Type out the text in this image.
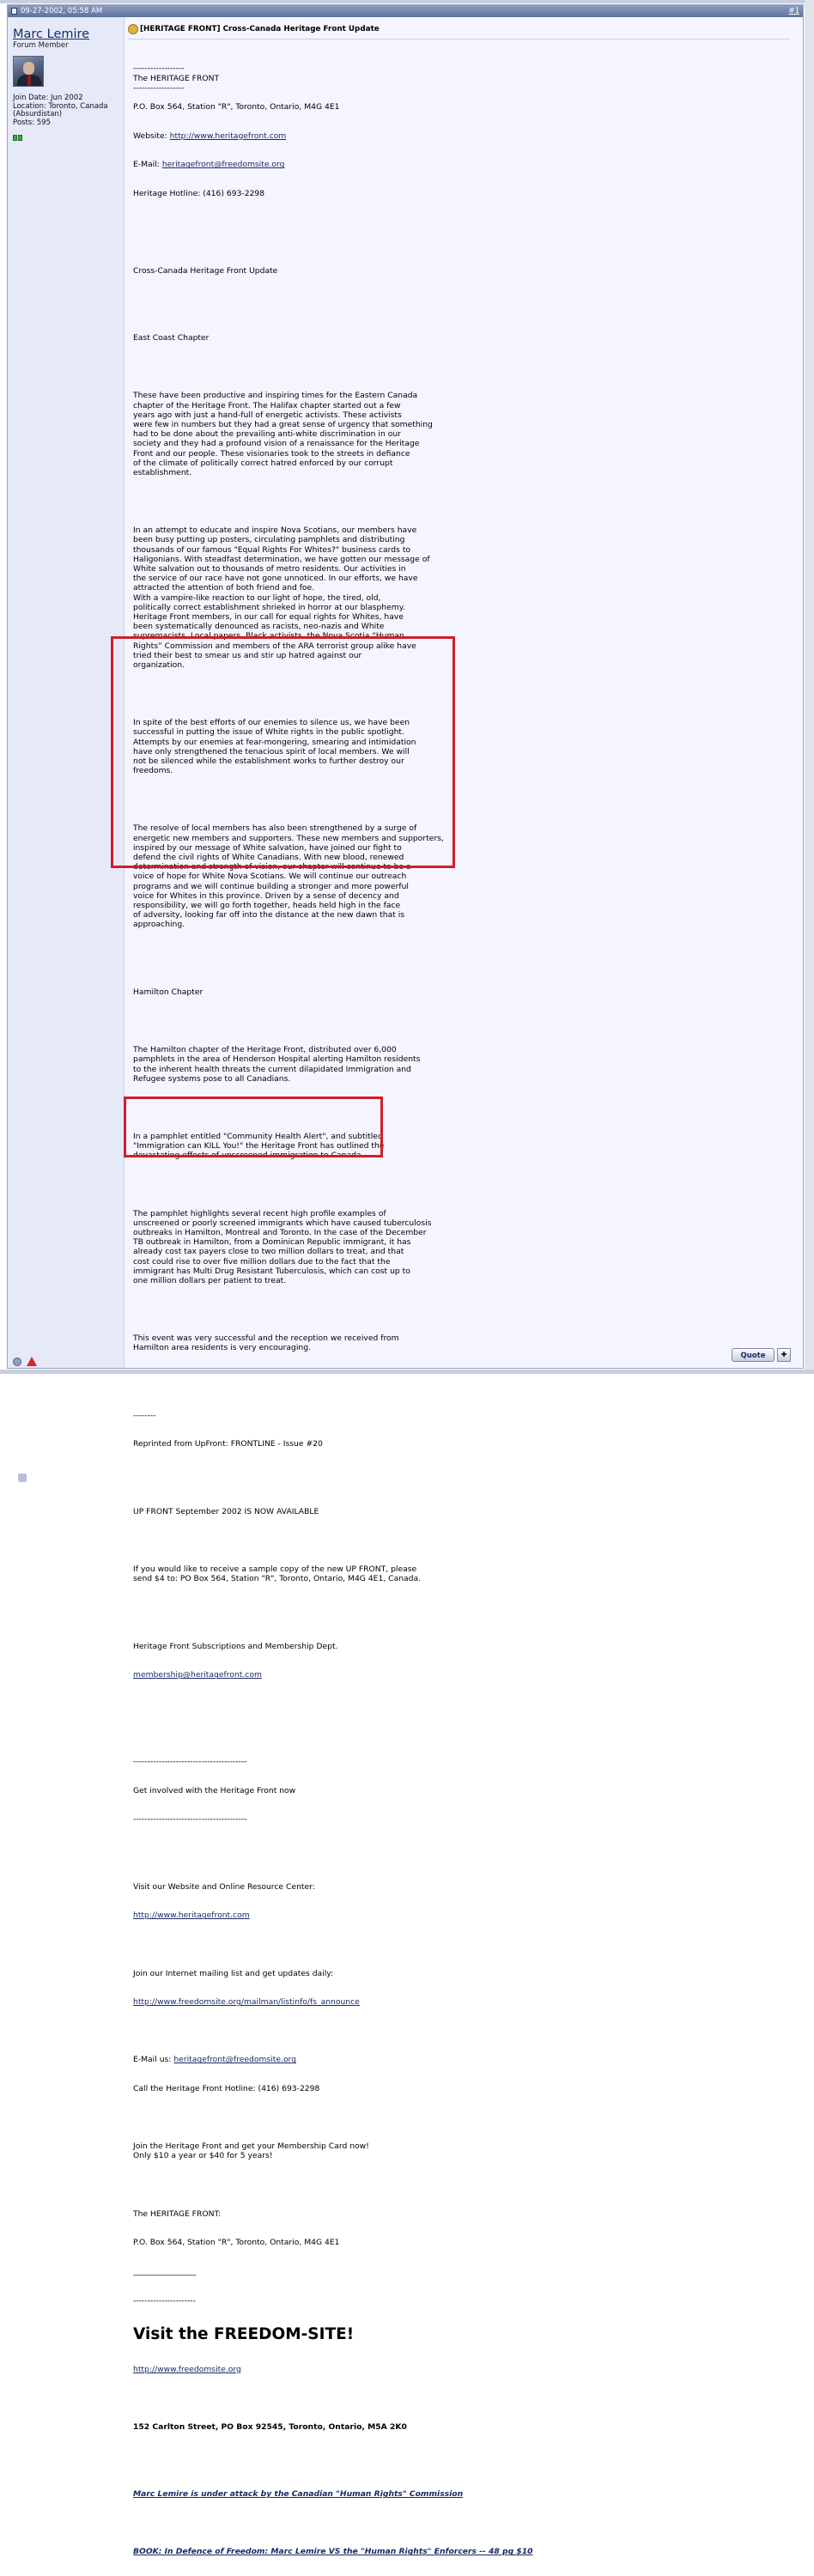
09-27-2002, 05:58 AM	#1
Marc Lemire
Forum Member
Join Date: Jun 2002
Location: Toronto, Canada (Absurdistan)
Posts: 595
[HERITAGE FRONT] Cross-Canada Heritage Front Update

------------------
The HERITAGE FRONT
------------------

P.O. Box 564, Station "R", Toronto, Ontario, M4G 4E1

Website: http://www.heritagefront.com

E-Mail: heritagefront@freedomsite.org

Heritage Hotline: (416) 693-2298

Cross-Canada Heritage Front Update

East Coast Chapter

These have been productive and inspiring times for the Eastern Canada
chapter of the Heritage Front. The Halifax chapter started out a few
years ago with just a hand-full of energetic activists. These activists
were few in numbers but they had a great sense of urgency that something
had to be done about the prevailing anti-white discrimination in our
society and they had a profound vision of a renaissance for the Heritage
Front and our people. These visionaries took to the streets in defiance
of the climate of politically correct hatred enforced by our corrupt
establishment.

In an attempt to educate and inspire Nova Scotians, our members have
been busy putting up posters, circulating pamphlets and distributing
thousands of our famous "Equal Rights For Whites?" business cards to
Haligonians. With steadfast determination, we have gotten our message of
White salvation out to thousands of metro residents. Our activities in
the service of our race have not gone unnoticed. In our efforts, we have
attracted the attention of both friend and foe.
With a vampire-like reaction to our light of hope, the tired, old,
politically correct establishment shrieked in horror at our blasphemy.
Heritage Front members, in our call for equal rights for Whites, have
been systematically denounced as racists, neo-nazis and White
supremacists. Local papers, Black activists, the Nova Scotia “Human
Rights” Commission and members of the ARA terrorist group alike have
tried their best to smear us and stir up hatred against our
organization.

In spite of the best efforts of our enemies to silence us, we have been
successful in putting the issue of White rights in the public spotlight.
Attempts by our enemies at fear-mongering, smearing and intimidation
have only strengthened the tenacious spirit of local members. We will
not be silenced while the establishment works to further destroy our
freedoms.

The resolve of local members has also been strengthened by a surge of
energetic new members and supporters. These new members and supporters,
inspired by our message of White salvation, have joined our fight to
defend the civil rights of White Canadians. With new blood, renewed
determination and strength of vision, our chapter will continue to be a
voice of hope for White Nova Scotians. We will continue our outreach
programs and we will continue building a stronger and more powerful
voice for Whites in this province. Driven by a sense of decency and
responsibility, we will go forth together, heads held high in the face
of adversity, looking far off into the distance at the new dawn that is
approaching.

Hamilton Chapter

The Hamilton chapter of the Heritage Front, distributed over 6,000
pamphlets in the area of Henderson Hospital alerting Hamilton residents
to the inherent health threats the current dilapidated Immigration and
Refugee systems pose to all Canadians.

In a pamphlet entitled "Community Health Alert", and subtitled
"Immigration can KILL You!" the Heritage Front has outlined the
devastating effects of unscreened immigration to Canada.

The pamphlet highlights several recent high profile examples of
unscreened or poorly screened immigrants which have caused tuberculosis
outbreaks in Hamilton, Montreal and Toronto. In the case of the December
TB outbreak in Hamilton, from a Dominican Republic immigrant, it has
already cost tax payers close to two million dollars to treat, and that
cost could rise to over five million dollars due to the fact that the
immigrant has Multi Drug Resistant Tuberculosis, which can cost up to
one million dollars per patient to treat.

This event was very successful and the reception we received from
Hamilton area residents is very encouraging.

--------

Reprinted from UpFront: FRONTLINE - Issue #20

UP FRONT September 2002 IS NOW AVAILABLE

If you would like to receive a sample copy of the new UP FRONT, please
send $4 to: PO Box 564, Station "R", Toronto, Ontario, M4G 4E1, Canada.

Heritage Front Subscriptions and Membership Dept.

membership@heritagefront.com

----------------------------------------

Get involved with the Heritage Front now

----------------------------------------

Visit our Website and Online Resource Center:

http://www.heritagefront.com

Join our Internet mailing list and get updates daily:

http://www.freedomsite.org/mailman/listinfo/fs_announce

E-Mail us: heritagefront@freedomsite.org

Call the Heritage Front Hotline: (416) 693-2298

Join the Heritage Front and get your Membership Card now!
Only $10 a year or $40 for 5 years!

The HERITAGE FRONT:

P.O. Box 564, Station "R", Toronto, Ontario, M4G 4E1

________________

----------------------

Visit the FREEDOM-SITE!

http://www.freedomsite.org

152 Carlton Street, PO Box 92545, Toronto, Ontario, M5A 2K0

Marc Lemire is under attack by the Canadian "Human Rights" Commission

BOOK: In Defence of Freedom: Marc Lemire VS the "Human Rights" Enforcers -- 48 pg $10

Quote	✚
